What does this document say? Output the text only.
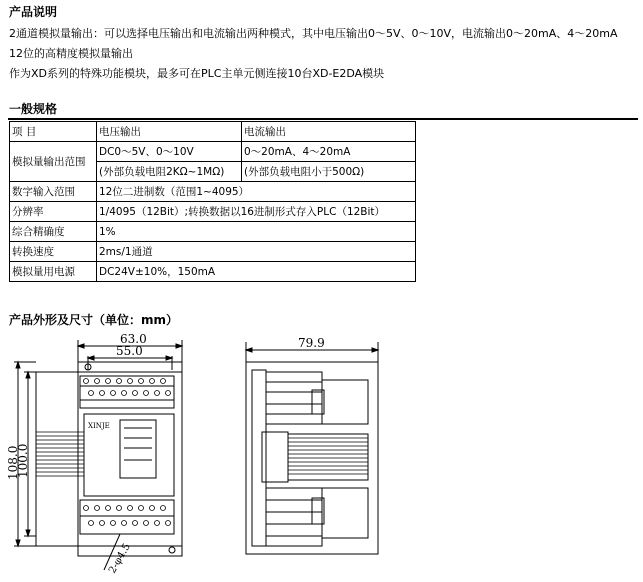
产品说明
2通道模拟量输出：可以选择电压输出和电流输出两种模式，其中电压输出0～5V、0～10V，电流输出0～20mA、4～20mA
12位的高精度模拟量输出
作为XD系列的特殊功能模块，最多可在PLC主单元侧连接10台XD-E2DA模块
一般规格
项 目	电压输出	电流输出
模拟量输出范围	DC0～5V、0～10V	0～20mA、4～20mA
	(外部负载电阻2KΩ~1MΩ)	(外部负载电阻小于500Ω)
数字输入范围	12位二进制数（范围1~4095）	
分辨率	1/4095（12Bit）;转换数据以16进制形式存入PLC（12Bit）	
综合精确度	1%	
转换速度	2ms/1通道	
模拟量用电源	DC24V±10%，150mA	
产品外形及尺寸（单位：mm）
63.0
55.0
108.0
100.0
XINJE
2-φ4.5
79.9
